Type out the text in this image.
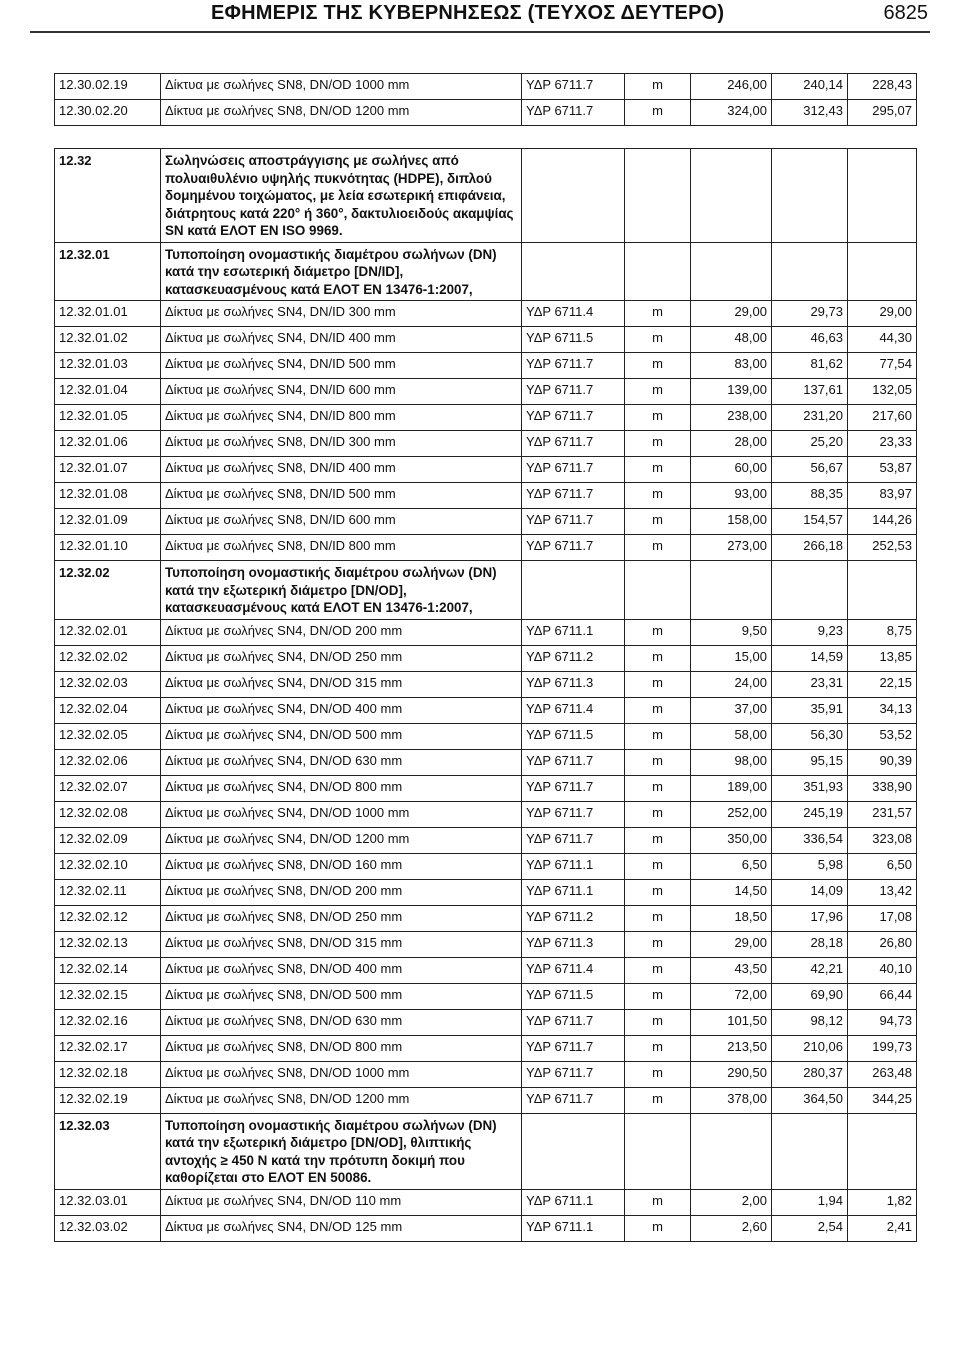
ΕΦΗΜΕΡΙΣ ΤΗΣ ΚΥΒΕΡΝΗΣΕΩΣ (ΤΕΥΧΟΣ ΔΕΥΤΕΡΟ)	6825
12.30.02.19	Δίκτυα με σωλήνες SN8, DN/OD 1000 mm	ΥΔΡ 6711.7	m	246,00	240,14	228,43
12.30.02.20	Δίκτυα με σωλήνες SN8, DN/OD 1200 mm	ΥΔΡ 6711.7	m	324,00	312,43	295,07
12.32	Σωληνώσεις αποστράγγισης με σωλήνες από πολυαιθυλένιο υψηλής πυκνότητας (HDPE), διπλού δομημένου τοιχώματος, με λεία εσωτερική επιφάνεια, διάτρητους κατά 220° ή 360°, δακτυλιοειδούς ακαμψίας SN κατά ΕΛΟΤ EN ISO 9969.					
12.32.01	Τυποποίηση ονομαστικής διαμέτρου σωλήνων (DN) κατά την εσωτερική διάμετρο [DN/ID], κατασκευασμένους κατά ΕΛΟΤ EN 13476-1:2007,					
12.32.01.01	Δίκτυα με σωλήνες SN4, DN/ID 300 mm	ΥΔΡ 6711.4	m	29,00	29,73	29,00
12.32.01.02	Δίκτυα με σωλήνες SN4, DN/ID 400 mm	ΥΔΡ 6711.5	m	48,00	46,63	44,30
12.32.01.03	Δίκτυα με σωλήνες SN4, DN/ID 500 mm	ΥΔΡ 6711.7	m	83,00	81,62	77,54
12.32.01.04	Δίκτυα με σωλήνες SN4, DN/ID 600 mm	ΥΔΡ 6711.7	m	139,00	137,61	132,05
12.32.01.05	Δίκτυα με σωλήνες SN4, DN/ID 800 mm	ΥΔΡ 6711.7	m	238,00	231,20	217,60
12.32.01.06	Δίκτυα με σωλήνες SN8, DN/ID 300 mm	ΥΔΡ 6711.7	m	28,00	25,20	23,33
12.32.01.07	Δίκτυα με σωλήνες SN8, DN/ID 400 mm	ΥΔΡ 6711.7	m	60,00	56,67	53,87
12.32.01.08	Δίκτυα με σωλήνες SN8, DN/ID 500 mm	ΥΔΡ 6711.7	m	93,00	88,35	83,97
12.32.01.09	Δίκτυα με σωλήνες SN8, DN/ID 600 mm	ΥΔΡ 6711.7	m	158,00	154,57	144,26
12.32.01.10	Δίκτυα με σωλήνες SN8, DN/ID 800 mm	ΥΔΡ 6711.7	m	273,00	266,18	252,53
12.32.02	Τυποποίηση ονομαστικής διαμέτρου σωλήνων (DN) κατά την εξωτερική διάμετρο [DN/OD], κατασκευασμένους κατά ΕΛΟΤ EN 13476-1:2007,					
12.32.02.01	Δίκτυα με σωλήνες SN4, DN/OD 200 mm	ΥΔΡ 6711.1	m	9,50	9,23	8,75
12.32.02.02	Δίκτυα με σωλήνες SN4, DN/OD 250 mm	ΥΔΡ 6711.2	m	15,00	14,59	13,85
12.32.02.03	Δίκτυα με σωλήνες SN4, DN/OD 315 mm	ΥΔΡ 6711.3	m	24,00	23,31	22,15
12.32.02.04	Δίκτυα με σωλήνες SN4, DN/OD 400 mm	ΥΔΡ 6711.4	m	37,00	35,91	34,13
12.32.02.05	Δίκτυα με σωλήνες SN4, DN/OD 500 mm	ΥΔΡ 6711.5	m	58,00	56,30	53,52
12.32.02.06	Δίκτυα με σωλήνες SN4, DN/OD 630 mm	ΥΔΡ 6711.7	m	98,00	95,15	90,39
12.32.02.07	Δίκτυα με σωλήνες SN4, DN/OD 800 mm	ΥΔΡ 6711.7	m	189,00	351,93	338,90
12.32.02.08	Δίκτυα με σωλήνες SN4, DN/OD 1000 mm	ΥΔΡ 6711.7	m	252,00	245,19	231,57
12.32.02.09	Δίκτυα με σωλήνες SN4, DN/OD 1200 mm	ΥΔΡ 6711.7	m	350,00	336,54	323,08
12.32.02.10	Δίκτυα με σωλήνες SN8, DN/OD 160 mm	ΥΔΡ 6711.1	m	6,50	5,98	6,50
12.32.02.11	Δίκτυα με σωλήνες SN8, DN/OD 200 mm	ΥΔΡ 6711.1	m	14,50	14,09	13,42
12.32.02.12	Δίκτυα με σωλήνες SN8, DN/OD 250 mm	ΥΔΡ 6711.2	m	18,50	17,96	17,08
12.32.02.13	Δίκτυα με σωλήνες SN8, DN/OD 315 mm	ΥΔΡ 6711.3	m	29,00	28,18	26,80
12.32.02.14	Δίκτυα με σωλήνες SN8, DN/OD 400 mm	ΥΔΡ 6711.4	m	43,50	42,21	40,10
12.32.02.15	Δίκτυα με σωλήνες SN8, DN/OD 500 mm	ΥΔΡ 6711.5	m	72,00	69,90	66,44
12.32.02.16	Δίκτυα με σωλήνες SN8, DN/OD 630 mm	ΥΔΡ 6711.7	m	101,50	98,12	94,73
12.32.02.17	Δίκτυα με σωλήνες SN8, DN/OD 800 mm	ΥΔΡ 6711.7	m	213,50	210,06	199,73
12.32.02.18	Δίκτυα με σωλήνες SN8, DN/OD 1000 mm	ΥΔΡ 6711.7	m	290,50	280,37	263,48
12.32.02.19	Δίκτυα με σωλήνες SN8, DN/OD 1200 mm	ΥΔΡ 6711.7	m	378,00	364,50	344,25
12.32.03	Τυποποίηση ονομαστικής διαμέτρου σωλήνων (DN) κατά την εξωτερική διάμετρο [DN/OD], θλιπτικής αντοχής ≥ 450 N κατά την πρότυπη δοκιμή που καθορίζεται στο ΕΛΟΤ EN 50086.					
12.32.03.01	Δίκτυα με σωλήνες SN4, DN/OD 110 mm	ΥΔΡ 6711.1	m	2,00	1,94	1,82
12.32.03.02	Δίκτυα με σωλήνες SN4, DN/OD 125 mm	ΥΔΡ 6711.1	m	2,60	2,54	2,41
